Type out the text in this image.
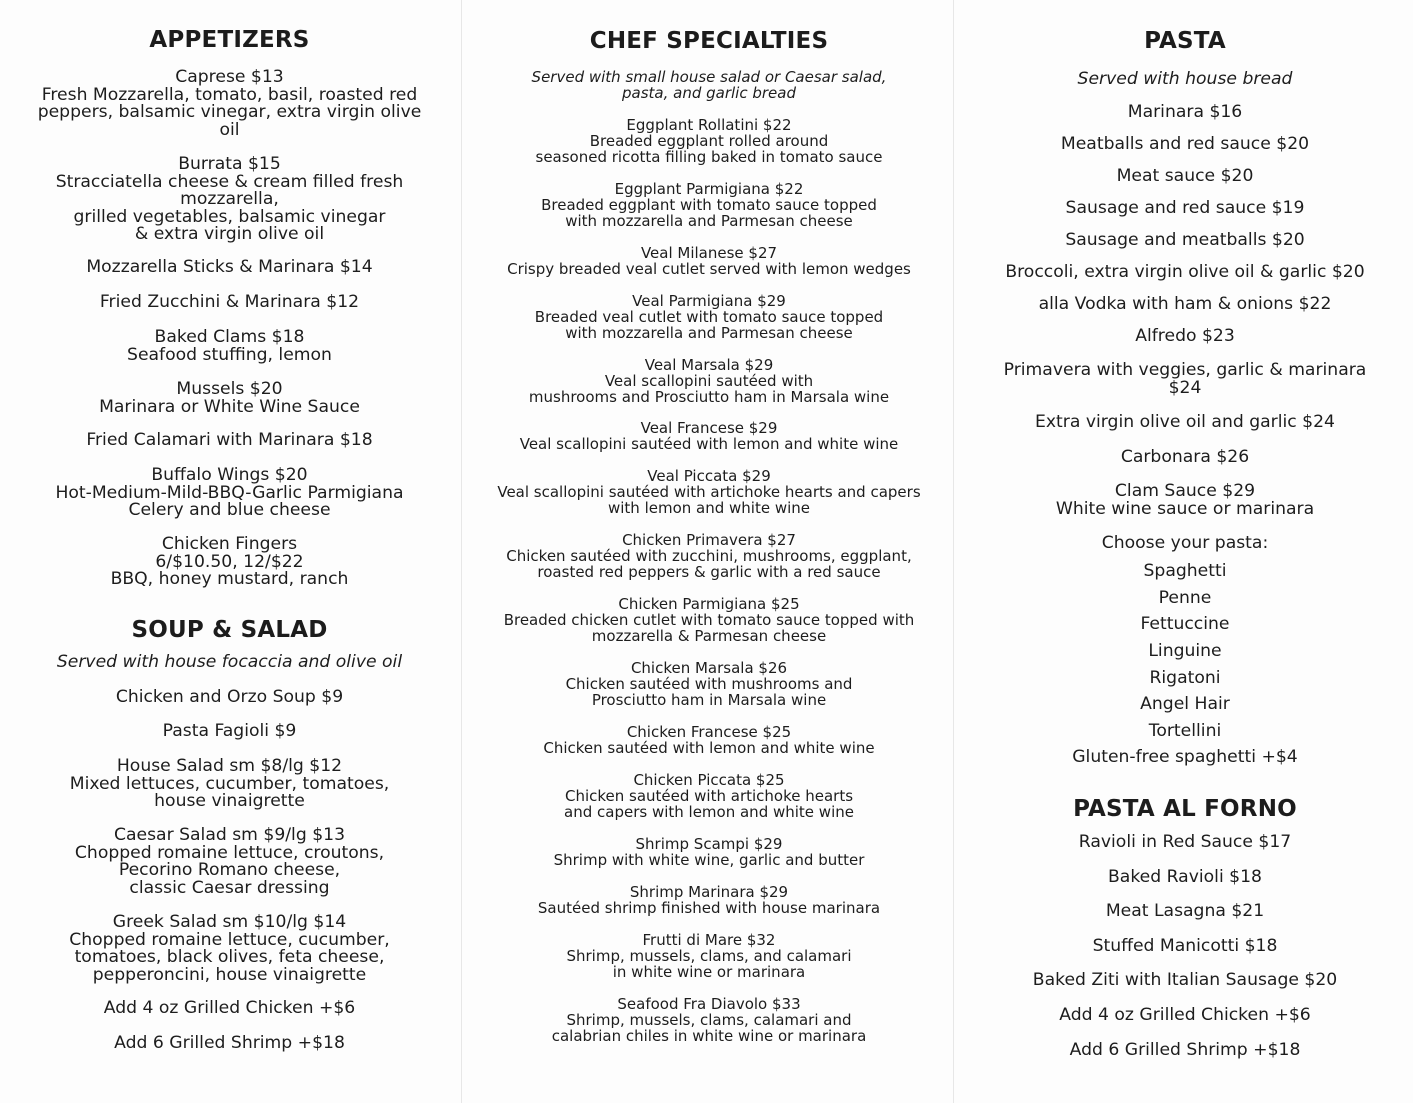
APPETIZERS
Caprese $13
Fresh Mozzarella, tomato, basil, roasted red
peppers, balsamic vinegar, extra virgin olive
oil
Burrata $15
Stracciatella cheese & cream filled fresh
mozzarella,
grilled vegetables, balsamic vinegar
& extra virgin olive oil
Mozzarella Sticks & Marinara $14
Fried Zucchini & Marinara $12
Baked Clams $18
Seafood stuffing, lemon
Mussels $20
Marinara or White Wine Sauce
Fried Calamari with Marinara $18
Buffalo Wings $20
Hot-Medium-Mild-BBQ-Garlic Parmigiana
Celery and blue cheese
Chicken Fingers
6/$10.50, 12/$22
BBQ, honey mustard, ranch
SOUP & SALAD
Served with house focaccia and olive oil
Chicken and Orzo Soup $9
Pasta Fagioli $9
House Salad sm $8/lg $12
Mixed lettuces, cucumber, tomatoes,
house vinaigrette
Caesar Salad sm $9/lg $13
Chopped romaine lettuce, croutons,
Pecorino Romano cheese,
classic Caesar dressing
Greek Salad sm $10/lg $14
Chopped romaine lettuce, cucumber,
tomatoes, black olives, feta cheese,
pepperoncini, house vinaigrette
Add 4 oz Grilled Chicken +$6
Add 6 Grilled Shrimp +$18
CHEF SPECIALTIES
Served with small house salad or Caesar salad,
pasta, and garlic bread
Eggplant Rollatini $22
Breaded eggplant rolled around
seasoned ricotta filling baked in tomato sauce
Eggplant Parmigiana $22
Breaded eggplant with tomato sauce topped
with mozzarella and Parmesan cheese
Veal Milanese $27
Crispy breaded veal cutlet served with lemon wedges
Veal Parmigiana $29
Breaded veal cutlet with tomato sauce topped
with mozzarella and Parmesan cheese
Veal Marsala $29
Veal scallopini sautéed with
mushrooms and Prosciutto ham in Marsala wine
Veal Francese $29
Veal scallopini sautéed with lemon and white wine
Veal Piccata $29
Veal scallopini sautéed with artichoke hearts and capers
with lemon and white wine
Chicken Primavera $27
Chicken sautéed with zucchini, mushrooms, eggplant,
roasted red peppers & garlic with a red sauce
Chicken Parmigiana $25
Breaded chicken cutlet with tomato sauce topped with
mozzarella & Parmesan cheese
Chicken Marsala $26
Chicken sautéed with mushrooms and
Prosciutto ham in Marsala wine
Chicken Francese $25
Chicken sautéed with lemon and white wine
Chicken Piccata $25
Chicken sautéed with artichoke hearts
and capers with lemon and white wine
Shrimp Scampi $29
Shrimp with white wine, garlic and butter
Shrimp Marinara $29
Sautéed shrimp finished with house marinara
Frutti di Mare $32
Shrimp, mussels, clams, and calamari
in white wine or marinara
Seafood Fra Diavolo $33
Shrimp, mussels, clams, calamari and
calabrian chiles in white wine or marinara
PASTA
Served with house bread
Marinara $16
Meatballs and red sauce $20
Meat sauce $20
Sausage and red sauce $19
Sausage and meatballs $20
Broccoli, extra virgin olive oil & garlic $20
alla Vodka with ham & onions $22
Alfredo $23
Primavera with veggies, garlic & marinara
$24
Extra virgin olive oil and garlic $24
Carbonara $26
Clam Sauce $29
White wine sauce or marinara
Choose your pasta:
Spaghetti
Penne
Fettuccine
Linguine
Rigatoni
Angel Hair
Tortellini
Gluten-free spaghetti +$4
PASTA AL FORNO
Ravioli in Red Sauce $17
Baked Ravioli $18
Meat Lasagna $21
Stuffed Manicotti $18
Baked Ziti with Italian Sausage $20
Add 4 oz Grilled Chicken +$6
Add 6 Grilled Shrimp +$18
